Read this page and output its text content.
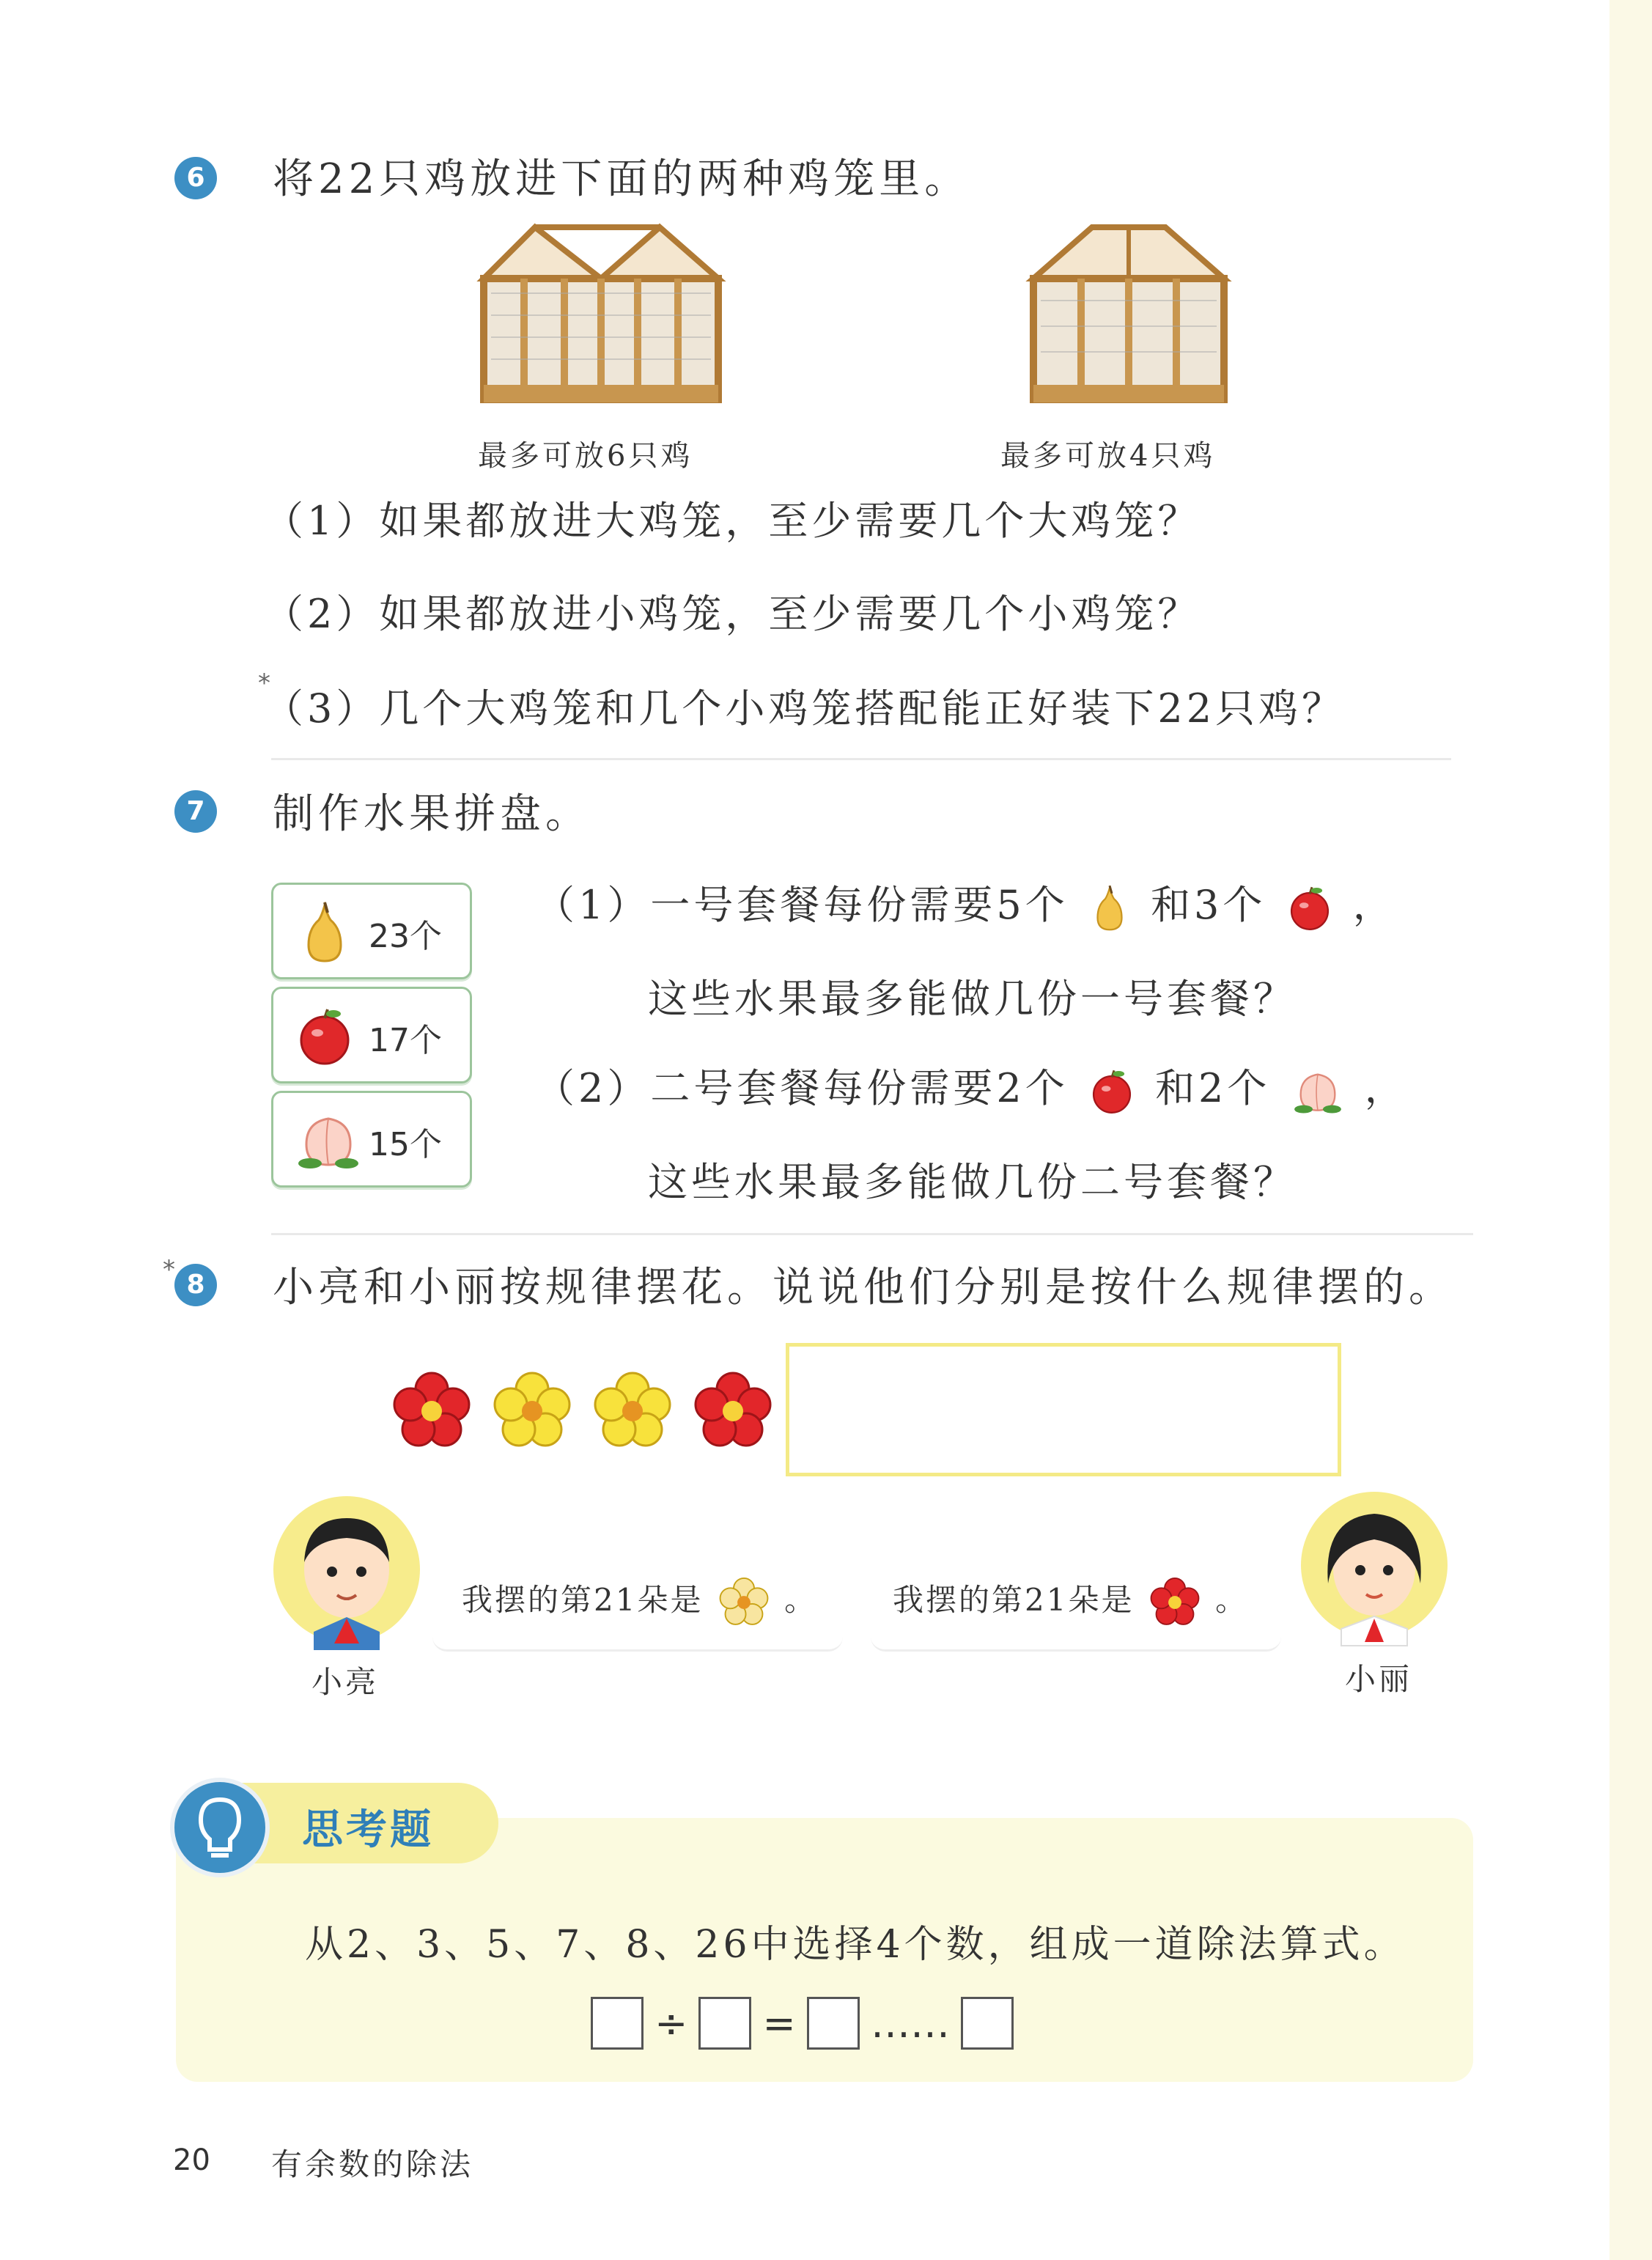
6 将22只鸡放进下面的两种鸡笼里。
最多可放6只鸡	最多可放4只鸡
（1）如果都放进大鸡笼，至少需要几个大鸡笼？
（2）如果都放进小鸡笼，至少需要几个小鸡笼？
*
（3）几个大鸡笼和几个小鸡笼搭配能正好装下22只鸡？
7 制作水果拼盘。
23个
17个
15个
（1）一号套餐每份需要5个 和3个 ，
这些水果最多能做几份一号套餐？
（2）二号套餐每份需要2个 和2个 ，
这些水果最多能做几份二号套餐？
* 8 小亮和小丽按规律摆花。说说他们分别是按什么规律摆的。

小亮
我摆的第21朵是	。 我摆的第21朵是	。
小丽
思考题
从2、3、5、7、8、26中选择4个数，组成一道除法算式。
÷ = ……
20 有余数的除法
